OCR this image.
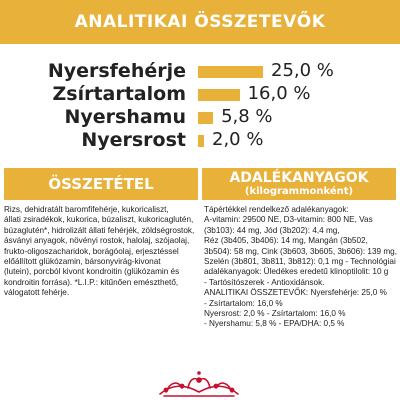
ANALITIKAI ÖSSZETEVŐK
Nyersfehérje	25,0 %
Zsírtartalom	16,0 %
Nyershamu 5,8 %
Nyersrost 2,0 %
ÖSSZETÉTEL	ADALÉKANYAGOK
(kilogrammonként)
Rizs, dehidratált baromfifehérje, kukoricaliszt,
állati zsiradékok, kukorica, búzaliszt, kukoricaglutén,
búzaglutén*, hidrolizált állati fehérjék, zöldségrostok,
ásványi anyagok, növényi rostok, halolaj, szójaolaj,
frukto-oligoszacharidok, borágóolaj, erjesztéssel
előállított glükózamin, bársonyvirág-kivonat
(lutein), porcból kivont kondroitin (glükózamin és
kondroitin forrása). *L.I.P.: kitűnően emészthető,
válogatott fehérje.
Tápértékkel rendelkező adalékanyagok:
A-vitamin: 29500 NE, D3-vitamin: 800 NE, Vas
(3b103): 44 mg, Jód (3b202): 4,4 mg,
Réz (3b405, 3b406): 14 mg, Mangán (3b502,
3b504): 58 mg, Cink (3b603, 3b605, 3b606): 139 mg,
Szelén (3b801, 3b811, 3b812): 0,1 mg - Technológiai
adalékanyagok: Üledékes eredetű klinoptilolit: 10 g
- Tartósítószerek - Antioxidánsok.
ANALITIKAI ÖSSZETEVŐK: Nyersfehérje: 25,0 %
- Zsírtartalom: 16,0 %
Nyersrost: 2,0 % - Zsírtartalom: 16,0 %
- Nyershamu: 5,8 % - EPA/DHA: 0,5 %
